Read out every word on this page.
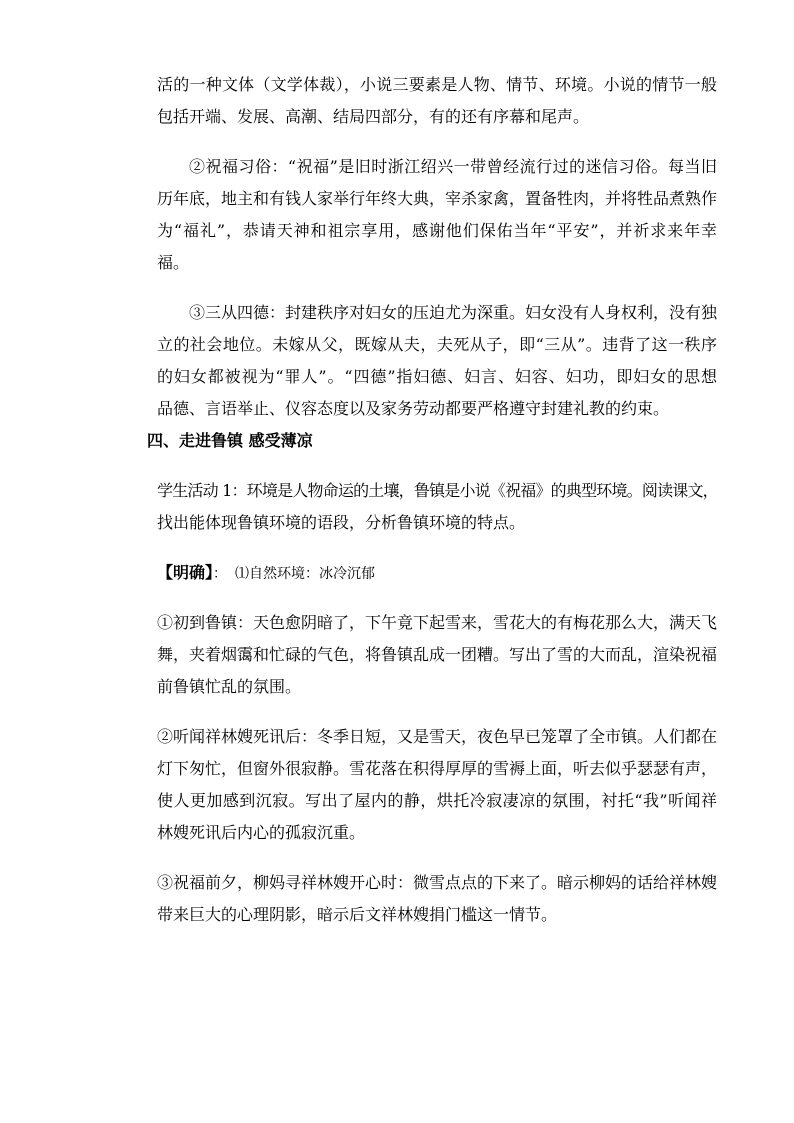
活的一种文体（文学体裁），小说三要素是人物、情节、环境。小说的情节一般
包括开端、发展、高潮、结局四部分，有的还有序幕和尾声。
②祝福习俗：“祝福”是旧时浙江绍兴一带曾经流行过的迷信习俗。每当旧
历年底，地主和有钱人家举行年终大典，宰杀家禽，置备牲肉，并将牲品煮熟作
为“福礼”，恭请天神和祖宗享用，感谢他们保佑当年“平安”，并祈求来年幸
福。
③三从四德：封建秩序对妇女的压迫尤为深重。妇女没有人身权利，没有独
立的社会地位。未嫁从父，既嫁从夫，夫死从子，即“三从”。违背了这一秩序
的妇女都被视为“罪人”。“四德”指妇德、妇言、妇容、妇功，即妇女的思想
品德、言语举止、仪容态度以及家务劳动都要严格遵守封建礼教的约束。
四、走进鲁镇 感受薄凉
学生活动 1：环境是人物命运的土壤，鲁镇是小说《祝福》的典型环境。阅读课文，
找出能体现鲁镇环境的语段，分析鲁镇环境的特点。
【明确】： ⑴自然环境：冰冷沉郁
①初到鲁镇：天色愈阴暗了，下午竟下起雪来，雪花大的有梅花那么大，满天飞
舞，夹着烟霭和忙碌的气色，将鲁镇乱成一团糟。写出了雪的大而乱，渲染祝福
前鲁镇忙乱的氛围。
②听闻祥林嫂死讯后：冬季日短，又是雪天，夜色早已笼罩了全市镇。人们都在
灯下匆忙，但窗外很寂静。雪花落在积得厚厚的雪褥上面，听去似乎瑟瑟有声，
使人更加感到沉寂。写出了屋内的静，烘托冷寂凄凉的氛围，衬托“我”听闻祥
林嫂死讯后内心的孤寂沉重。
③祝福前夕，柳妈寻祥林嫂开心时：微雪点点的下来了。暗示柳妈的话给祥林嫂
带来巨大的心理阴影，暗示后文祥林嫂捐门槛这一情节。
